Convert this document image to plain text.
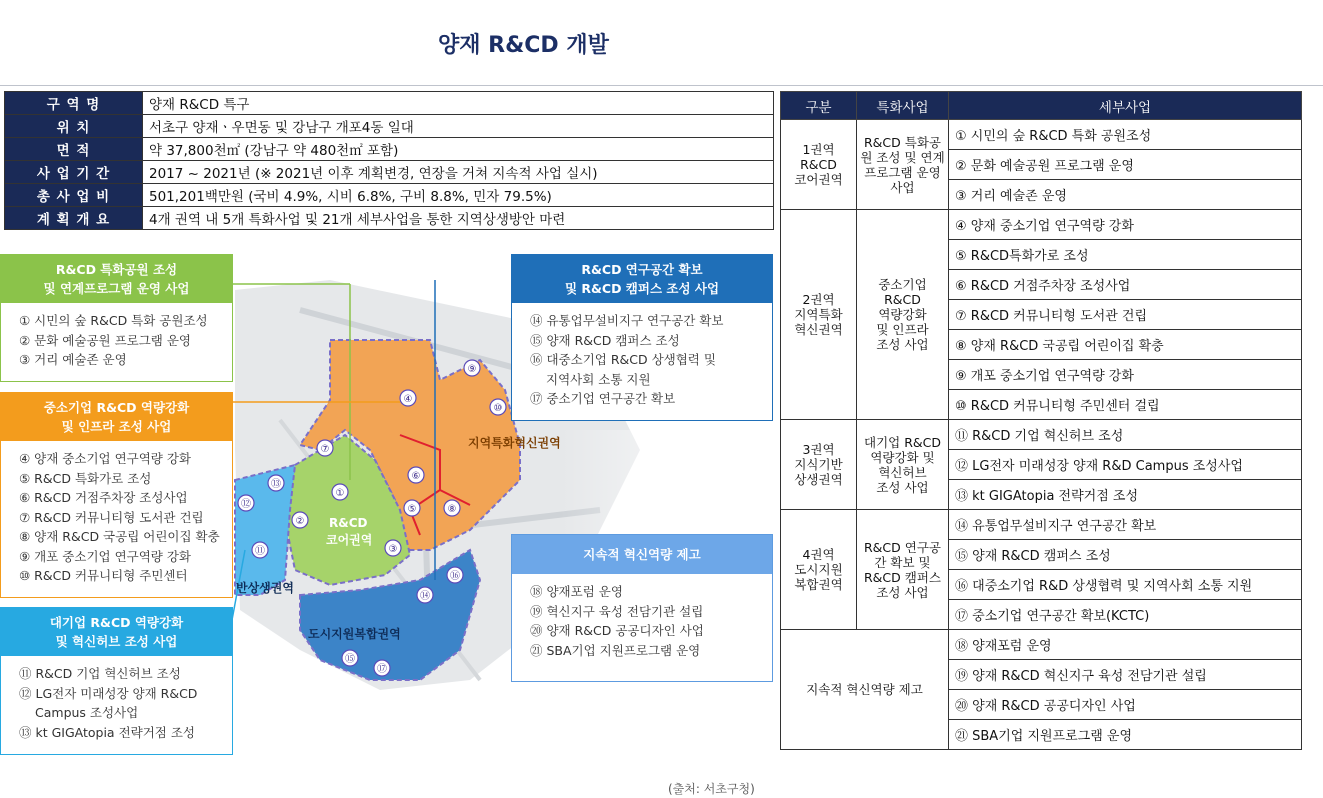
양재 R&CD 개발
구 역 명	양재 R&CD 특구
위 치	서초구 양재ㆍ우면동 및 강남구 개포4동 일대
면 적	약 37,800천㎡ (강남구 약 480천㎡ 포함)
사 업 기 간	2017 ~ 2021년 (※ 2021년 이후 계획변경, 연장을 거쳐 지속적 사업 실시)
총 사 업 비	501,201백만원 (국비 4.9%, 시비 6.8%, 구비 8.8%, 민자 79.5%)
계 획 개 요	4개 권역 내 5개 특화사업 및 21개 세부사업을 통한 지역상생방안 마련
구분	특화사업	세부사업
1권역
R&CD
코어권역	R&CD 특화공
원 조성 및 연계
프로그램 운영
사업	① 시민의 숲 R&CD 특화 공원조성
		② 문화 예술공원 프로그램 운영
		③ 거리 예술존 운영
2권역
지역특화
혁신권역	중소기업
R&CD
역량강화
및 인프라
조성 사업	④ 양재 중소기업 연구역량 강화
		⑤ R&CD특화가로 조성
		⑥ R&CD 거점주차장 조성사업
		⑦ R&CD 커뮤니티형 도서관 건립
		⑧ 양재 R&CD 국공립 어린이집 확충
		⑨ 개포 중소기업 연구역량 강화
		⑩ R&CD 커뮤니티형 주민센터 걸립
3권역
지식기반
상생권역	대기업 R&CD
역량강화 및
혁신허브
조성 사업	⑪ R&CD 기업 혁신허브 조성
		⑫ LG전자 미래성장 양재 R&D Campus 조성사업
		⑬ kt GIGAtopia 전략거점 조성
4권역
도시지원
복합권역	R&CD 연구공
간 확보 및
R&CD 캠퍼스
조성 사업	⑭ 유통업무설비지구 연구공간 확보
		⑮ 양재 R&CD 캠퍼스 조성
		⑯ 대중소기업 R&D 상생협력 및 지역사회 소통 지원
		⑰ 중소기업 연구공간 확보(KCTC)
지속적 혁신역량 제고		⑱ 양재포럼 운영
		⑲ 양재 R&CD 혁신지구 육성 전담기관 설립
		⑳ 양재 R&CD 공공디자인 사업
		㉑ SBA기업 지원프로그램 운영
지역특화혁신권역
R&CD
코어권역
도시지원복합권역
반상생권역
①
②
③
④
⑤
⑥
⑦
⑧
⑨
⑩
⑪
⑫
⑬
⑭
⑮
⑯
⑰
R&CD 특화공원 조성
및 연계프로그램 운영 사업
① 시민의 숲 R&CD 특화 공원조성
② 문화 예술공원 프로그램 운영
③ 거리 예술존 운영
중소기업 R&CD 역량강화
및 인프라 조성 사업
④ 양재 중소기업 연구역량 강화
⑤ R&CD 특화가로 조성
⑥ R&CD 거점주차장 조성사업
⑦ R&CD 커뮤니티형 도서관 건립
⑧ 양재 R&CD 국공립 어린이집 확충
⑨ 개포 중소기업 연구역량 강화
⑩ R&CD 커뮤니티형 주민센터
대기업 R&CD 역량강화
및 혁신허브 조성 사업
⑪ R&CD 기업 혁신허브 조성
⑫ LG전자 미래성장 양재 R&CD
Campus 조성사업
⑬ kt GIGAtopia 전략거점 조성
R&CD 연구공간 확보
및 R&CD 캠퍼스 조성 사업
⑭ 유통업무설비지구 연구공간 확보
⑮ 양재 R&CD 캠퍼스 조성
⑯ 대중소기업 R&CD 상생협력 및
지역사회 소통 지원
⑰ 중소기업 연구공간 확보
지속적 혁신역량 제고
⑱ 양재포럼 운영
⑲ 혁신지구 육성 전담기관 설립
⑳ 양재 R&CD 공공디자인 사업
㉑ SBA기업 지원프로그램 운영
(출처: 서초구청)
